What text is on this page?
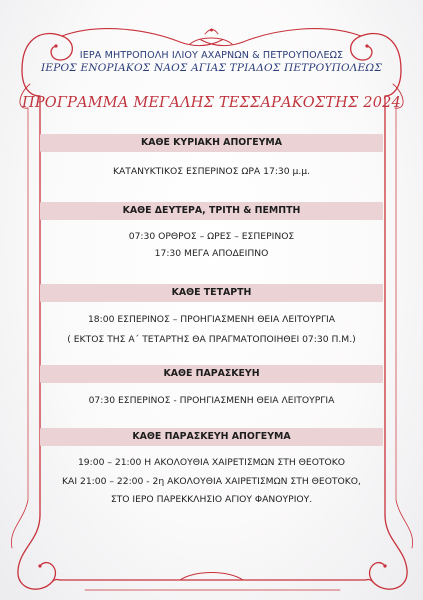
ΙΕΡΑ ΜΗΤΡΟΠΟΛΗ ΙΛΙΟΥ ΑΧΑΡΝΩΝ & ΠΕΤΡΟΥΠΟΛΕΩΣ
ΙΕΡΟΣ ΕΝΟΡΙΑΚΟΣ ΝΑΟΣ ΑΓΙΑΣ ΤΡΙΑΔΟΣ ΠΕΤΡΟΥΠΟΛΕΩΣ
ΠΡΟΓΡΑΜΜΑ ΜΕΓΑΛΗΣ ΤΕΣΣΑΡΑΚΟΣΤΗΣ 2024
ΚΑΘΕ ΚΥΡΙΑΚΗ ΑΠΟΓΕΥΜΑ
ΚΑΤΑΝΥΚΤΙΚΟΣ ΕΣΠΕΡΙΝΟΣ ΩΡΑ 17:30 μ.μ.
ΚΑΘΕ ΔΕΥΤΕΡΑ, ΤΡΙΤΗ & ΠΕΜΠΤΗ
07:30 ΟΡΘΡΟΣ – ΩΡΕΣ – ΕΣΠΕΡΙΝΟΣ
17:30 ΜΕΓΑ ΑΠΟΔΕΙΠΝΟ
ΚΑΘΕ ΤΕΤΑΡΤΗ
18:00 ΕΣΠΕΡΙΝΟΣ – ΠΡΟΗΓΙΑΣΜΕΝΗ ΘΕΙΑ ΛΕΙΤΟΥΡΓΙΑ
( ΕΚΤΟΣ ΤΗΣ Α΄ ΤΕΤΑΡΤΗΣ ΘΑ ΠΡΑΓΜΑΤΟΠΟΙΗΘΕΙ 07:30 Π.Μ.)
ΚΑΘΕ ΠΑΡΑΣΚΕΥΗ
07:30 ΕΣΠΕΡΙΝΟΣ - ΠΡΟΗΓΙΑΣΜΕΝΗ ΘΕΙΑ ΛΕΙΤΟΥΡΓΙΑ
ΚΑΘΕ ΠΑΡΑΣΚΕΥΗ ΑΠΟΓΕΥΜΑ
19:00 – 21:00 Η ΑΚΟΛΟΥΘΙΑ ΧΑΙΡΕΤΙΣΜΩΝ ΣΤΗ ΘΕΟΤΟΚΟ
ΚΑΙ 21:00 – 22:00 - 2η ΑΚΟΛΟΥΘΙΑ ΧΑΙΡΕΤΙΣΜΩΝ ΣΤΗ ΘΕΟΤΟΚΟ,
ΣΤΟ ΙΕΡΟ ΠΑΡΕΚΚΛΗΣΙΟ ΑΓΙΟΥ ΦΑΝΟΥΡΙΟΥ.
